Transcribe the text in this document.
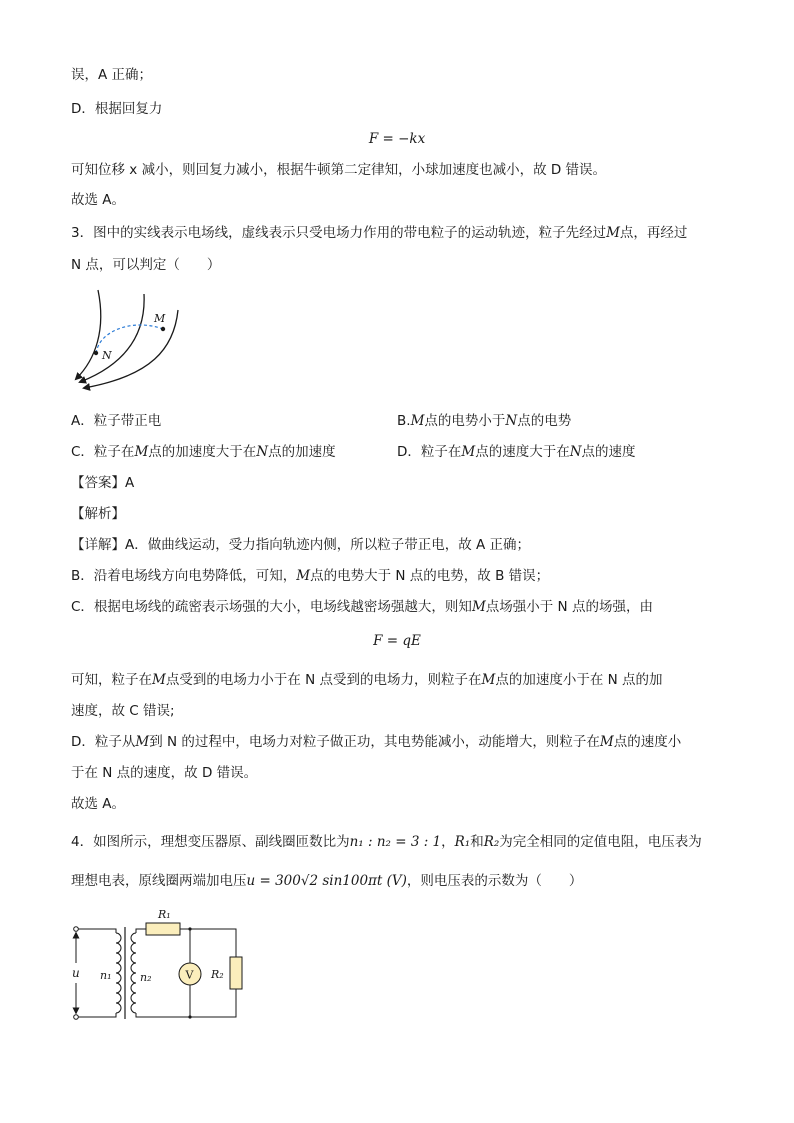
误，A 正确；
D．根据回复力
F = −kx
可知位移 x 减小，则回复力减小，根据牛顿第二定律知，小球加速度也减小，故 D 错误。
故选 A。
3．图中的实线表示电场线，虚线表示只受电场力作用的带电粒子的运动轨迹，粒子先经过M点，再经过
N 点，可以判定（　　）
M
N
A．粒子带正电	B.M点的电势小于N点的电势
C．粒子在M点的加速度大于在N点的加速度	D．粒子在M点的速度大于在N点的速度
【答案】A
【解析】
【详解】A．做曲线运动，受力指向轨迹内侧，所以粒子带正电，故 A 正确；
B．沿着电场线方向电势降低，可知，M点的电势大于 N 点的电势，故 B 错误；
C．根据电场线的疏密表示场强的大小，电场线越密场强越大，则知M点场强小于 N 点的场强，由
F = qE
可知，粒子在M点受到的电场力小于在 N 点受到的电场力，则粒子在M点的加速度小于在 N 点的加
速度，故 C 错误;
D．粒子从M到 N 的过程中，电场力对粒子做正功，其电势能减小，动能增大，则粒子在M点的速度小
于在 N 点的速度，故 D 错误。
故选 A。
4．如图所示，理想变压器原、副线圈匝数比为n₁ : n₂ = 3 : 1，R₁和R₂为完全相同的定值电阻，电压表为
理想电表，原线圈两端加电压u = 300√2 sin100πt (V)，则电压表的示数为（　　）
u n₁	n₂
R₁
V R₂
